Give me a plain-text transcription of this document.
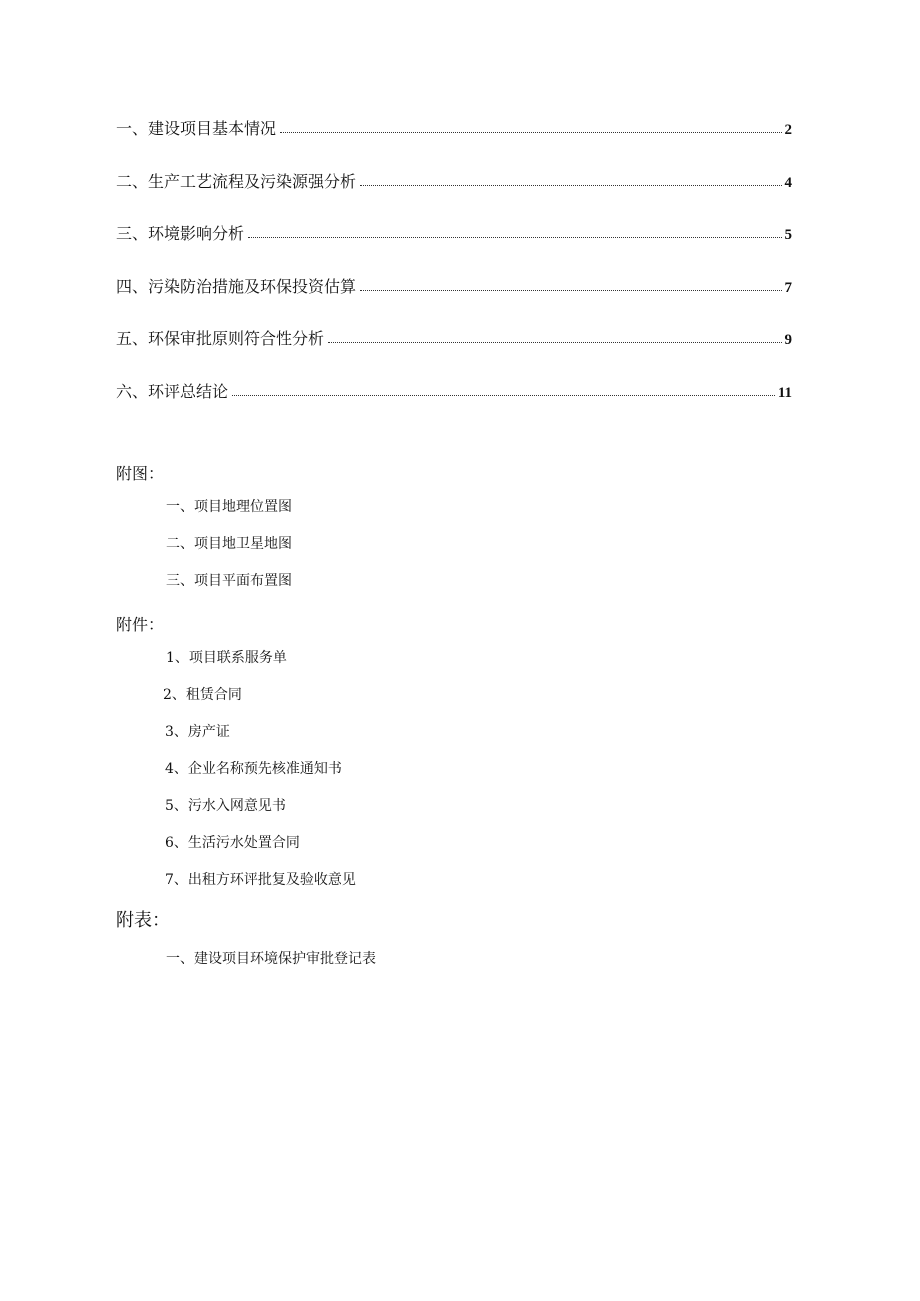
一、建设项目基本情况	2
二、生产工艺流程及污染源强分析	4
三、环境影响分析	5
四、污染防治措施及环保投资估算	7
五、环保审批原则符合性分析	9
六、环评总结论	11
附图：
一、项目地理位置图
二、项目地卫星地图
三、项目平面布置图
附件：
1、项目联系服务单
2、租赁合同
3、房产证
4、企业名称预先核准通知书
5、污水入网意见书
6、生活污水处置合同
7、出租方环评批复及验收意见
附表：
一、建设项目环境保护审批登记表
